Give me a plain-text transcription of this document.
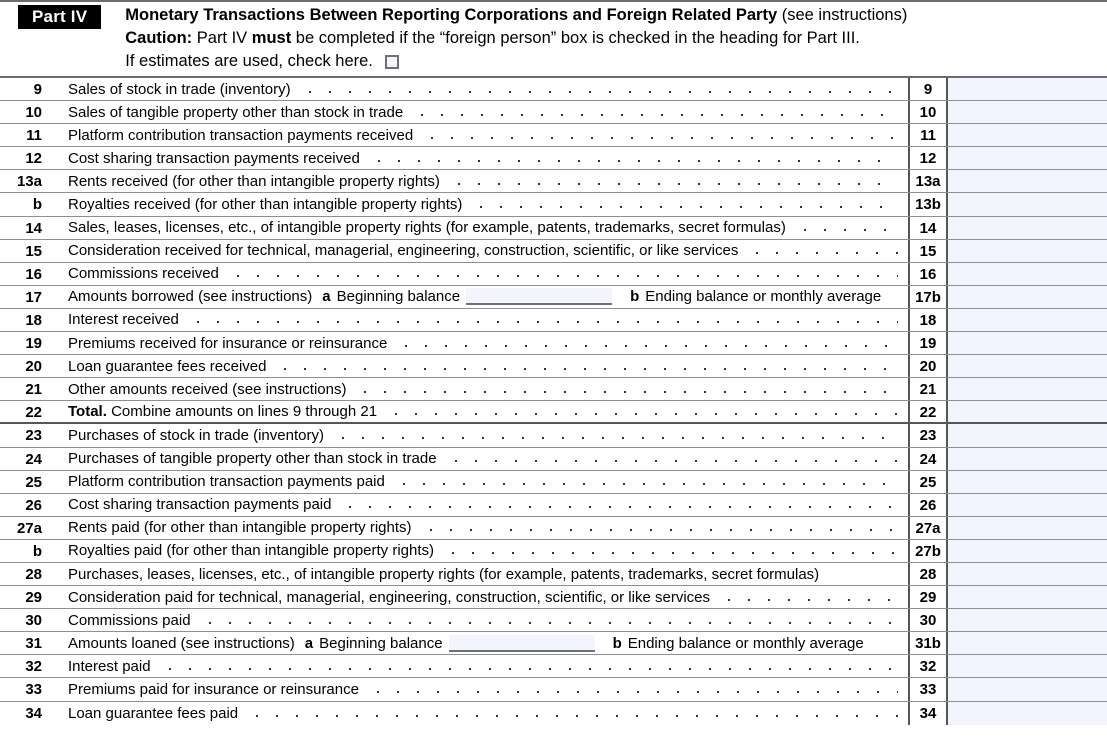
Part IV	Monetary Transactions Between Reporting Corporations and Foreign Related Party (see instructions)
Caution: Part IV must be completed if the “foreign person” box is checked in the heading for Part III.
If estimates are used, check here.
9	Sales of stock in trade (inventory)	9
10	Sales of tangible property other than stock in trade	10
11	Platform contribution transaction payments received	11
12	Cost sharing transaction payments received	12
13a	Rents received (for other than intangible property rights)	13a
b	Royalties received (for other than intangible property rights)	13b
14	Sales, leases, licenses, etc., of intangible property rights (for example, patents, trademarks, secret formulas)	14
15	Consideration received for technical, managerial, engineering, construction, scientific, or like services	15
16	Commissions received	16
17	Amounts borrowed (see instructions) a Beginning balance	b Ending balance or monthly average	17b
18	Interest received	18
19	Premiums received for insurance or reinsurance	19
20	Loan guarantee fees received	20
21	Other amounts received (see instructions)	21
22	Total. Combine amounts on lines 9 through 21	22
23	Purchases of stock in trade (inventory)	23
24	Purchases of tangible property other than stock in trade	24
25	Platform contribution transaction payments paid	25
26	Cost sharing transaction payments paid	26
27a	Rents paid (for other than intangible property rights)	27a
b	Royalties paid (for other than intangible property rights)	27b
28	Purchases, leases, licenses, etc., of intangible property rights (for example, patents, trademarks, secret formulas)	28
29	Consideration paid for technical, managerial, engineering, construction, scientific, or like services	29
30	Commissions paid	30
31	Amounts loaned (see instructions) a Beginning balance	b Ending balance or monthly average	31b
32	Interest paid	32
33	Premiums paid for insurance or reinsurance	33
34	Loan guarantee fees paid	34
